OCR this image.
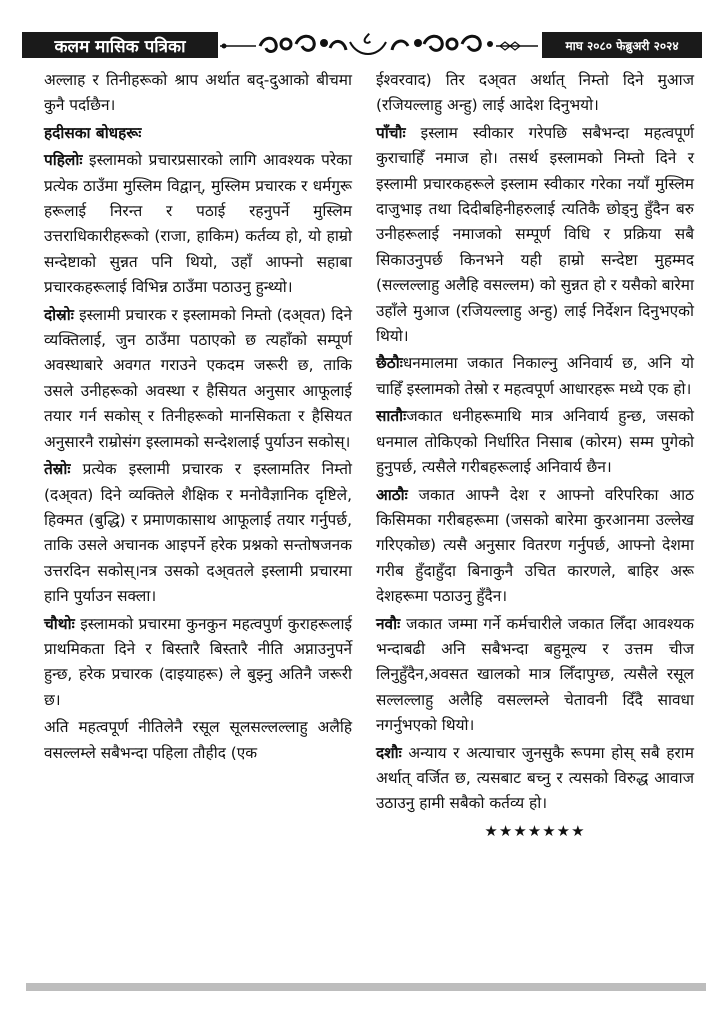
कलम मासिक पत्रिका	८	माघ २०८० फेब्रुअरी २०२४

अल्लाह र तिनीहरूको श्राप अर्थात बद्‌-दुआको बीचमा कुनै पर्दाछैन।

हदीसका बोधहरूः

पहिलोः इस्लामको प्रचारप्रसारको लागि आवश्यक परेका प्रत्येक ठाउँमा मुस्लिम विद्वान्‌, मुस्लिम प्रचारक र धर्मगुरू हरूलाई निरन्त र पठाई रहनुपर्ने मुस्लिम उत्तराधिकारीहरूको (राजा, हाकिम) कर्तव्य हो, यो हाम्रो सन्देष्टाको सुन्नत पनि थियो, उहाँ आफ्नो सहाबा प्रचारकहरूलाई विभिन्न ठाउँमा पठाउनु हुन्थ्यो।

दोस्रोः इस्लामी प्रचारक र इस्लामको निम्तो (दअ्वत) दिने व्यक्तिलाई, जुन ठाउँमा पठाएको छ त्यहाँको सम्पूर्ण अवस्थाबारे अवगत गराउने एकदम जरूरी छ, ताकि उसले उनीहरूको अवस्था र हैसियत अनुसार आफूलाई तयार गर्न सकोस्‌ र तिनीहरूको मानसिकता र हैसियत अनुसारनै राम्रोसंग इस्लामको सन्देशलाई पुर्याउन सकोस्‌।

तेस्रोः प्रत्येक इस्लामी प्रचारक र इस्लामतिर निम्तो (दअ्वत) दिने व्यक्तिले शैक्षिक र मनोवैज्ञानिक दृष्टिले, हिक्मत (बुद्धि) र प्रमाणकासाथ आफूलाई तयार गर्नुपर्छ, ताकि उसले अचानक आइपर्ने हरेक प्रश्नको सन्तोषजनक उत्तरदिन सकोस्‌।नत्र उसको दअ्वतले इस्लामी प्रचारमा हानि पुर्याउन सक्ला।

चौथोः इस्लामको प्रचारमा कुनकुन महत्वपुर्ण कुराहरूलाई प्राथमिकता दिने र बिस्तारै बिस्तारै नीति अप्नाउनुपर्ने हुन्छ, हरेक प्रचारक (दाइयाहरू) ले बुझ्नु अतिनै जरूरी छ।

अति महत्वपूर्ण नीतिलेनै रसूल सूलसल्लल्लाहु अलैहि वसल्लम्ले सबैभन्दा पहिला तौहीद (एक

ईश्वरवाद) तिर दअ्वत अर्थात्‌ निम्तो दिने मुआज (रजियल्लाहु अन्हु) लाई आदेश दिनुभयो।

पाँचौः इस्लाम स्वीकार गरेपछि सबैभन्दा महत्वपूर्ण कुराचाहिँ नमाज हो। तसर्थ इस्लामको निम्तो दिने र इस्लामी प्रचारकहरूले इस्लाम स्वीकार गरेका नयाँ मुस्लिम दाजुभाइ तथा दिदीबहिनीहरुलाई त्यतिकै छोड्नु हुँदैन बरु उनीहरूलाई नमाजको सम्पूर्ण विधि र प्रक्रिया सबै सिकाउनुपर्छ किनभने यही हाम्रो सन्देष्टा मुहम्मद (सल्लल्लाहु अलैहि वसल्लम) को सुन्नत हो र यसैको बारेमा उहाँले मुआज (रजियल्लाहु अन्हु) लाई निर्देशन दिनुभएको थियो।

छैठौःधनमालमा जकात निकाल्नु अनिवार्य छ, अनि यो चाहिँ इस्लामको तेस्रो र महत्वपूर्ण आधारहरू मध्ये एक हो।

सातौःजकात धनीहरूमाथि मात्र अनिवार्य हुन्छ, जसको धनमाल तोकिएको निर्धारित निसाब (कोरम) सम्म पुगेको हुनुपर्छ, त्यसैले गरीबहरूलाई अनिवार्य छैन।

आठौः जकात आफ्नै देश र आफ्नो वरिपरिका आठ किसिमका गरीबहरूमा (जसको बारेमा कुरआनमा उल्लेख गरिएकोछ) त्यसै अनुसार वितरण गर्नुपर्छ, आफ्नो देशमा गरीब हुँदाहुँदा बिनाकुनै उचित कारणले, बाहिर अरू देशहरूमा पठाउनु हुँदैन।

नवौः जकात जम्मा गर्ने कर्मचारीले जकात लिँदा आवश्यक भन्दाबढी अनि सबैभन्दा बहुमूल्य र उत्तम चीज लिनुहुँदैन,अवसत खालको मात्र लिँदापुग्छ, त्यसैले रसूल सल्लल्लाहु अलैहि वसल्लम्ले चेतावनी दिँदै सावधा नगर्नुभएको थियो।

दशौः अन्याय र अत्याचार जुनसुकै रूपमा होस्‌ सबै हराम अर्थात्‌ वर्जित छ, त्यसबाट बच्नु र त्यसको विरुद्ध आवाज उठाउनु हामी सबैको कर्तव्य हो।

★★★★★★★
